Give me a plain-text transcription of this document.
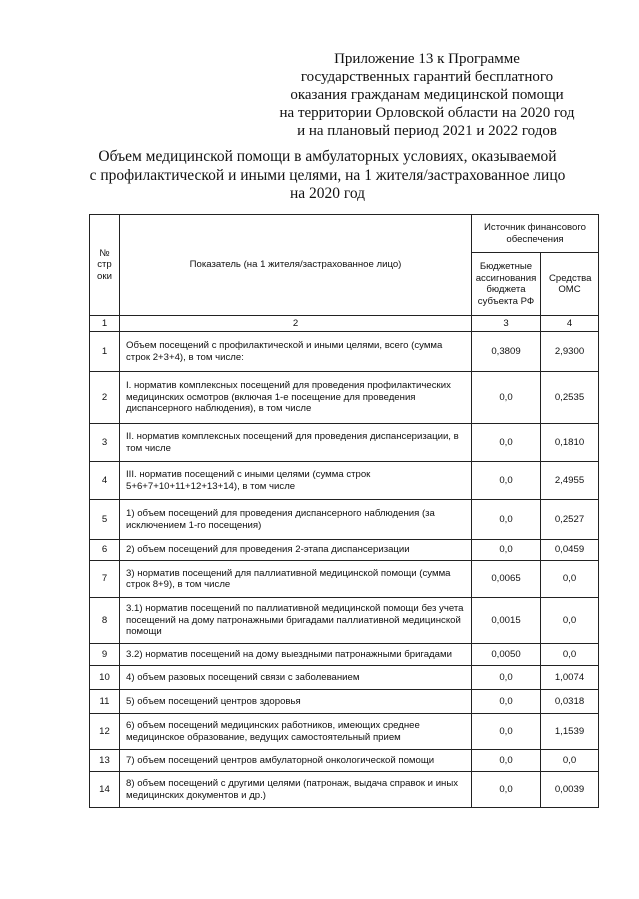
Приложение 13 к Программе
государственных гарантий бесплатного
оказания гражданам медицинской помощи
на территории Орловской области на 2020 год
и на плановый период 2021 и 2022 годов
Объем медицинской помощи в амбулаторных условиях, оказываемой
с профилактической и иными целями, на 1 жителя/застрахованное лицо
на 2020 год
№ стр оки	Показатель (на 1 жителя/застрахованное лицо)	Источник финансового обеспечения	
		Бюджетные ассигнования бюджета субъекта РФ	Средства ОМС
1	2	3	4
1	Объем посещений с профилактической и иными целями, всего (сумма строк 2+3+4), в том числе:	0,3809	2,9300
2	I. норматив комплексных посещений для проведения профилактических медицинских осмотров (включая 1-е посещение для проведения диспансерного наблюдения), в том числе	0,0	0,2535
3	II. норматив комплексных посещений для проведения диспансеризации, в том числе	0,0	0,1810
4	III. норматив посещений с иными целями (сумма строк 5+6+7+10+11+12+13+14), в том числе	0,0	2,4955
5	1) объем посещений для проведения диспансерного наблюдения (за исключением 1-го посещения)	0,0	0,2527
6	2) объем посещений для проведения 2-этапа диспансеризации	0,0	0,0459
7	3) норматив посещений для паллиативной медицинской помощи (сумма строк 8+9), в том числе	0,0065	0,0
8	3.1) норматив посещений по паллиативной медицинской помощи без учета посещений на дому патронажными бригадами паллиативной медицинской помощи	0,0015	0,0
9	3.2) норматив посещений на дому выездными патронажными бригадами	0,0050	0,0
10	4) объем разовых посещений связи с заболеванием	0,0	1,0074
11	5) объем посещений центров здоровья	0,0	0,0318
12	6) объем посещений медицинских работников, имеющих среднее медицинское образование, ведущих самостоятельный прием	0,0	1,1539
13	7) объем посещений центров амбулаторной онкологической помощи	0,0	0,0
14	8) объем посещений с другими целями (патронаж, выдача справок и иных медицинских документов и др.)	0,0	0,0039
